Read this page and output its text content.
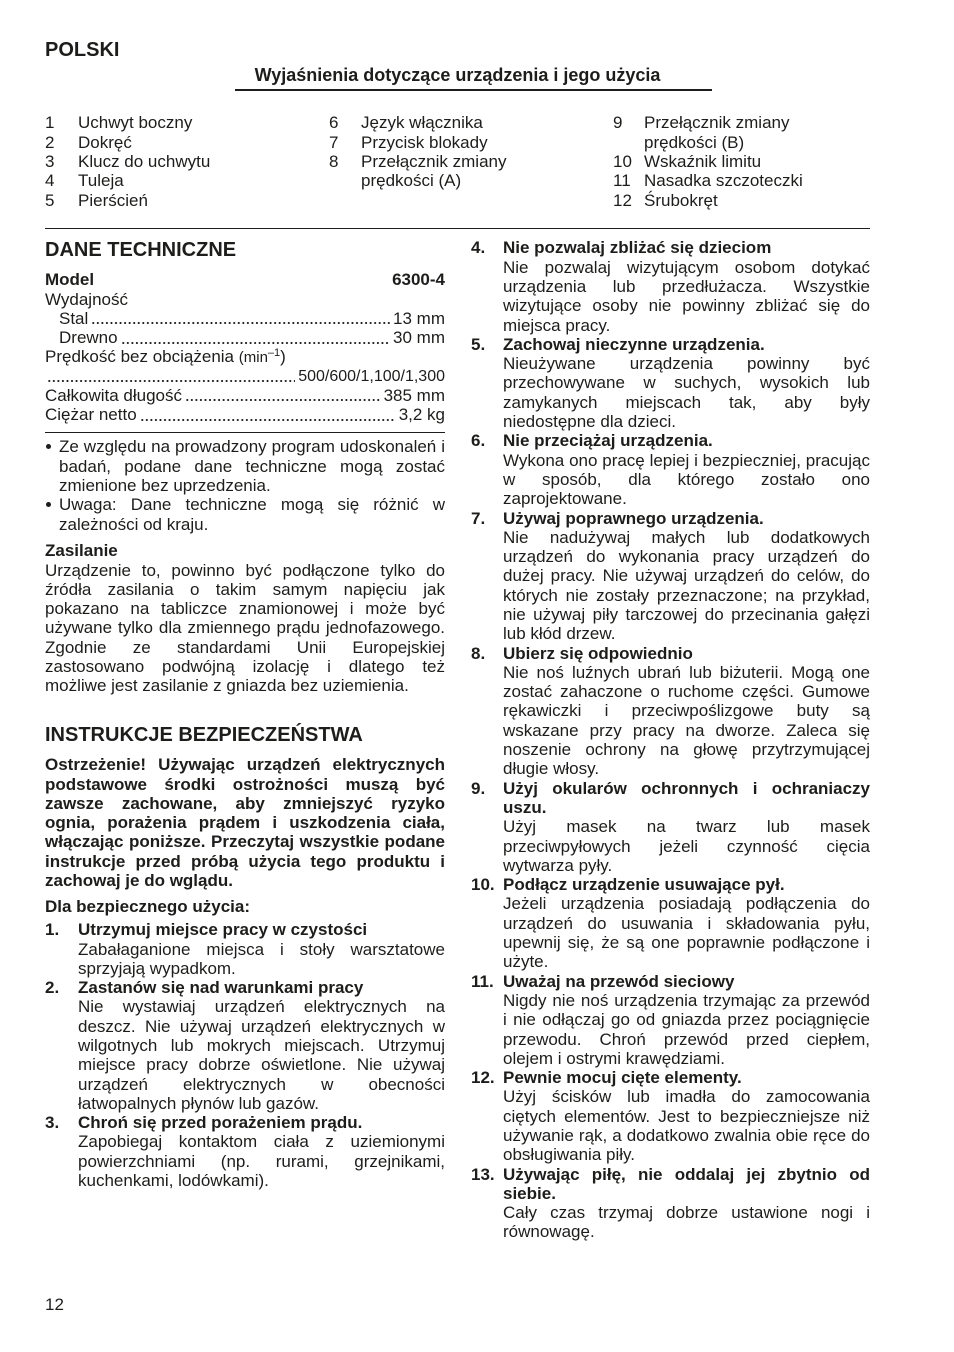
POLSKI
Wyjaśnienia dotyczące urządzenia i jego użycia
1	Uchwyt boczny
2	Dokręć
3	Klucz do uchwytu
4	Tuleja
5	Pierścień
6	Język włącznika
7	Przycisk blokady
8	Przełącznik zmiany prędkości (A)
9	Przełącznik zmiany prędkości (B)
10 Wskaźnik limitu
11 Nasadka szczoteczki
12 Śrubokręt
DANE TECHNICZNE
Model	6300-4
Wydajność
Stal	13 mm
Drewno	30 mm
Prędkość bez obciążenia $(\min^{-1})$
500/600/1,100/1,300
Całkowita długość	385 mm
Ciężar netto	3,2 kg
Ze względu na prowadzony program udoskonaleń i badań, podane dane techniczne mogą zostać zmienione bez uprzedzenia.
Uwaga: Dane techniczne mogą się różnić w zależności od kraju.
Zasilanie
Urządzenie to, powinno być podłączone tylko do źródła zasilania o takim samym napięciu jak pokazano na tabliczce znamionowej i może być używane tylko dla zmiennego prądu jednofazowego. Zgodnie ze standardami Unii Europejskiej zastosowano podwójną izolację i dlatego też możliwe jest zasilanie z gniazda bez uziemienia.
INSTRUKCJE BEZPIECZEŃSTWA
Ostrzeżenie! Używając urządzeń elektrycznych podstawowe środki ostrożności muszą być zawsze zachowane, aby zmniejszyć ryzyko ognia, porażenia prądem i uszkodzenia ciała, włączając poniższe. Przeczytaj wszystkie podane instrukcje przed próbą użycia tego produktu i zachowaj je do wglądu.
Dla bezpiecznego użycia:
1.	Utrzymuj miejsce pracy w czystości
Zabałaganione miejsca i stoły warsztatowe sprzyjają wypadkom.
2.	Zastanów się nad warunkami pracy
Nie wystawiaj urządzeń elektrycznych na deszcz. Nie używaj urządzeń elektrycznych w wilgotnych lub mokrych miejscach. Utrzymuj miejsce pracy dobrze oświetlone. Nie używaj urządzeń elektrycznych w obecności łatwopalnych płynów lub gazów.
3.	Chroń się przed porażeniem prądu.
Zapobiegaj kontaktom ciała z uziemionymi powierzchniami (np. rurami, grzejnikami, kuchenkami, lodówkami).
4.	Nie pozwalaj zbliżać się dzieciom
Nie pozwalaj wizytującym osobom dotykać urządzenia lub przedłużacza. Wszystkie wizytujące osoby nie powinny zbliżać się do miejsca pracy.
5.	Zachowaj nieczynne urządzenia.
Nieużywane urządzenia powinny być przechowywane w suchych, wysokich lub zamykanych miejscach tak, aby były niedostępne dla dzieci.
6.	Nie przeciążaj urządzenia.
Wykona ono pracę lepiej i bezpieczniej, pracując w sposób, dla którego zostało ono zaprojektowane.
7.	Używaj poprawnego urządzenia.
Nie nadużywaj małych lub dodatkowych urządzeń do wykonania pracy urządzeń do dużej pracy. Nie używaj urządzeń do celów, do których nie zostały przeznaczone; na przykład, nie używaj piły tarczowej do przecinania gałęzi lub kłód drzew.
8.	Ubierz się odpowiednio
Nie noś luźnych ubrań lub biżuterii. Mogą one zostać zahaczone o ruchome części. Gumowe rękawiczki i przeciwpoślizgowe buty są wskazane przy pracy na dworze. Zaleca się noszenie ochrony na głowę przytrzymującej długie włosy.
9.	Użyj okularów ochronnych i ochraniaczy uszu.
Użyj masek na twarz lub masek przeciwpyłowych jeżeli czynność cięcia wytwarza pyły.
10. Podłącz urządzenie usuwające pył.
Jeżeli urządzenia posiadają podłączenia do urządzeń do usuwania i składowania pyłu, upewnij się, że są one poprawnie podłączone i użyte.
11. Uważaj na przewód sieciowy
Nigdy nie noś urządzenia trzymając za przewód i nie odłączaj go od gniazda przez pociągnięcie przewodu. Chroń przewód przed ciepłem, olejem i ostrymi krawędziami.
12. Pewnie mocuj cięte elementy.
Użyj ścisków lub imadła do zamocowania ciętych elementów. Jest to bezpieczniejsze niż używanie rąk, a dodatkowo zwalnia obie ręce do obsługiwania piły.
13. Używając piłę, nie oddalaj jej zbytnio od siebie.
Cały czas trzymaj dobrze ustawione nogi i równowagę.
12
